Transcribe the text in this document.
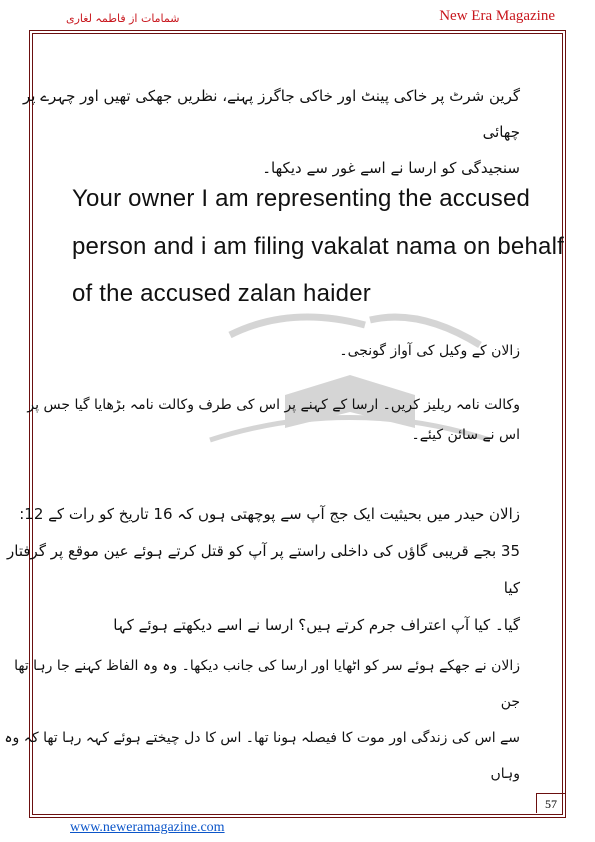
شمامات از فاطمہ لغاری	New Era Magazine
گرین شرٹ پر خاکی پینٹ اور خاکی جاگرز پہنے، نظریں جھکی تھیں اور چہرے پر چھائی
سنجیدگی کو ارسا نے اسے غور سے دیکھا۔
Your owner I am representing the accused
person and i am filing vakalat nama on behalf
of the accused zalan haider
زالان کے وکیل کی آواز گونجی۔
وکالت نامہ ریلیز کریں۔ ارسا کے کہنے پر اس کی طرف وکالت نامہ بڑھایا گیا جس پر
اس نے سائن کیئے۔
زالان حیدر میں بحیثیت ایک جج آپ سے پوچھتی ہوں کہ 16 تاریخ کو رات کے 12:
35 بجے قریبی گاؤں کی داخلی راستے پر آپ کو قتل کرتے ہوئے عین موقع پر گرفتار کیا
گیا۔ کیا آپ اعتراف جرم کرتے ہیں؟ ارسا نے اسے دیکھتے ہوئے کہا
زالان نے جھکے ہوئے سر کو اٹھایا اور ارسا کی جانب دیکھا۔ وہ وہ الفاظ کہنے جا رہا تھا جن
سے اس کی زندگی اور موت کا فیصلہ ہونا تھا۔ اس کا دل چیختے ہوئے کہہ رہا تھا کہ وہ وہاں
57
www.neweramagazine.com
